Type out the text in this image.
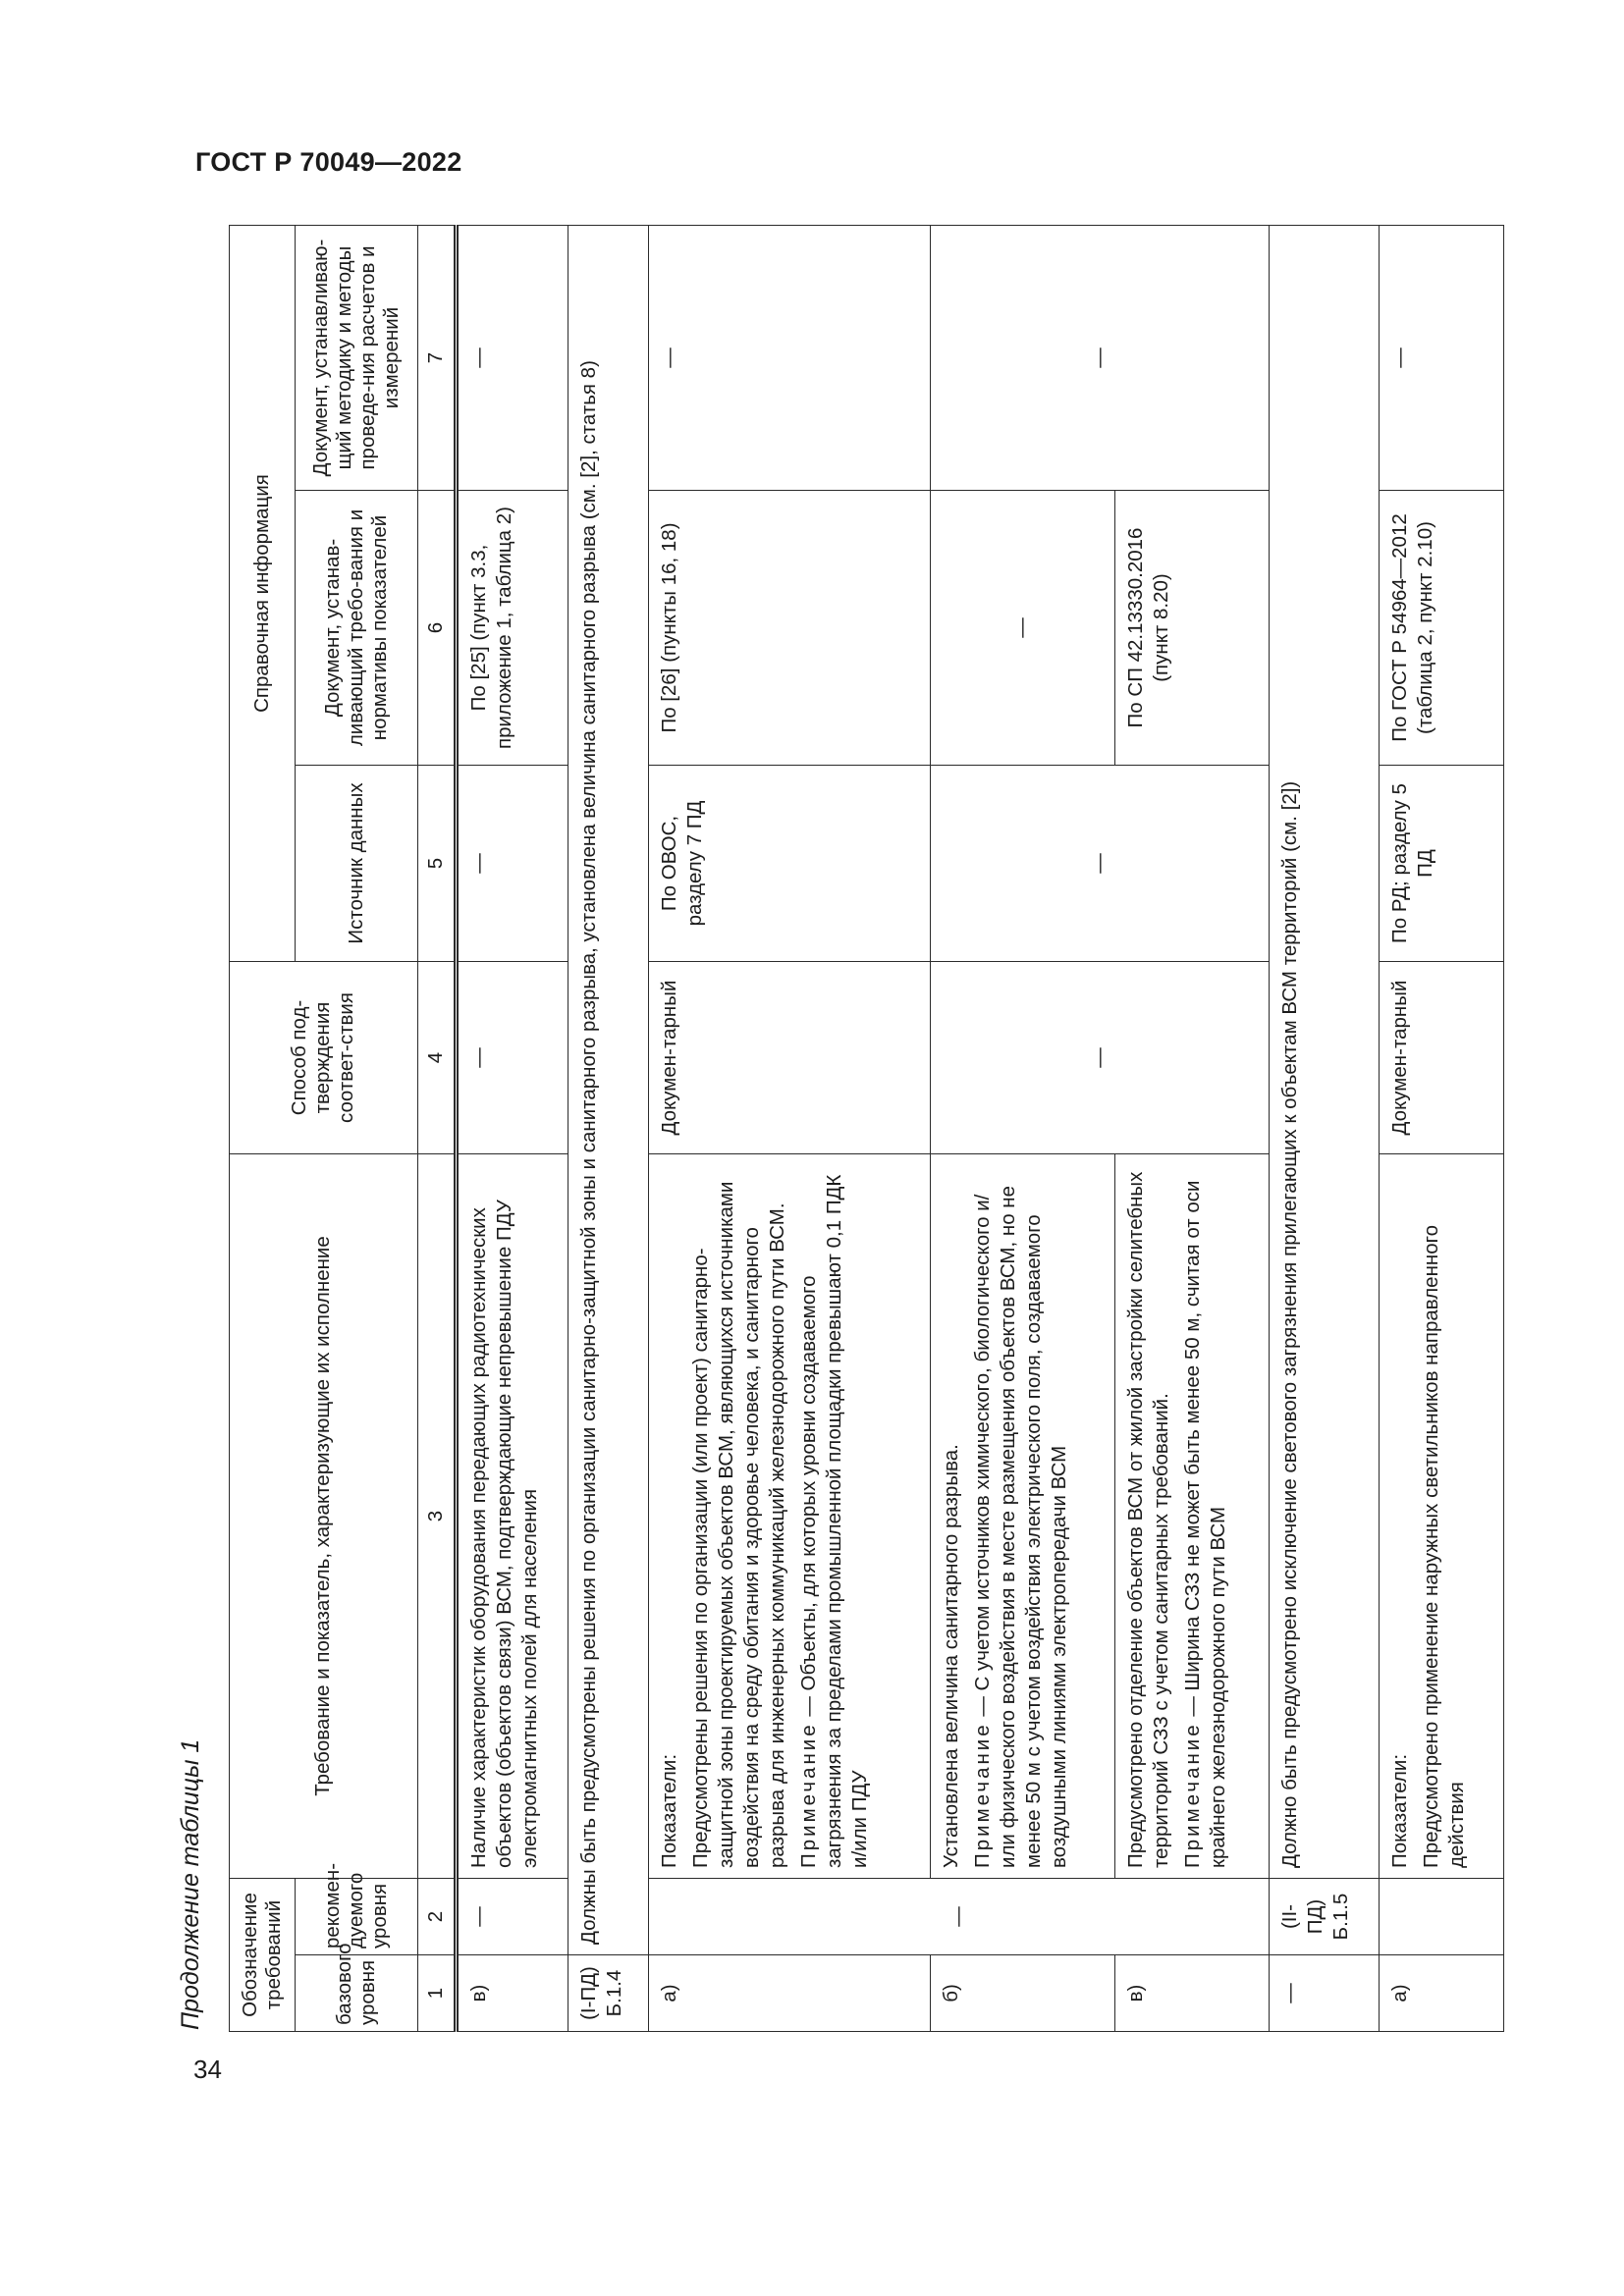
ГОСТ Р 70049—2022
Продолжение таблицы 1 Обозначение требований		Требование и показатель, характеризующие их исполнение	Способ под-тверждения соответ-ствия	Справочная информация		
базового уровня	рекомен-дуемого уровня			Источник данных	Документ, устанав-ливающий требо-вания и нормативы показателей	Документ, устанавливаю-щий методику и методы проведе-ния расчетов и измерений
1	2	3	4	5	6	7
в)	—	Наличие характеристик оборудования передающих радиотехнических объектов (объектов связи) ВСМ, подтверждающие непревышение ПДУ электромагнитных полей для населения	—	—	По [25] (пункт 3.3, приложение 1, таблица 2)	—
(I-ПД) Б.1.4	Должны быть предусмотрены решения по организации санитарно-защитной зоны и санитарного разрыва, установлена величина санитарного разрыва (см. [2], статья 8)					
а)	—	Показатели: Предусмотрены решения по организации (или проект) санитарно-защитной зоны проектируемых объектов ВСМ, являющихся источниками воздействия на среду обитания и здоровье человека, и санитарного разрыва для инженерных коммуникаций железнодорожного пути ВСМ. Примечание — Объекты, для которых уровни создаваемого загрязнения за пределами промышленной площадки превышают 0,1 ПДК и/или ПДУ	Докумен-тарный	По ОВОС, разделу 7 ПД	По [26] (пункты 16, 18)	—
б)		Установлена величина санитарного разрыва. Примечание — С учетом источников химического, биологического и/или физического воздействия в месте размещения объектов ВСМ, но не менее 50 м с учетом воздействия электрического поля, создаваемого воздушными линиями электропередачи ВСМ	—	—	—	—
в)		Предусмотрено отделение объектов ВСМ от жилой застройки селитебных территорий СЗЗ с учетом санитарных требований. Примечание — Ширина СЗЗ не может быть менее 50 м, считая от оси крайнего железнодорожного пути ВСМ			По СП 42.13330.2016 (пункт 8.20)	
—	(II-ПД) Б.1.5	Должно быть предусмотрено исключение светового загрязнения прилегающих к объектам ВСМ территорий (см. [2])				
а)		Показатели: Предусмотрено применение наружных светильников направленного действия	Докумен-тарный	По РД; разделу 5 ПД	По ГОСТ Р 54964—2012 (таблица 2, пункт 2.10)	—
34
